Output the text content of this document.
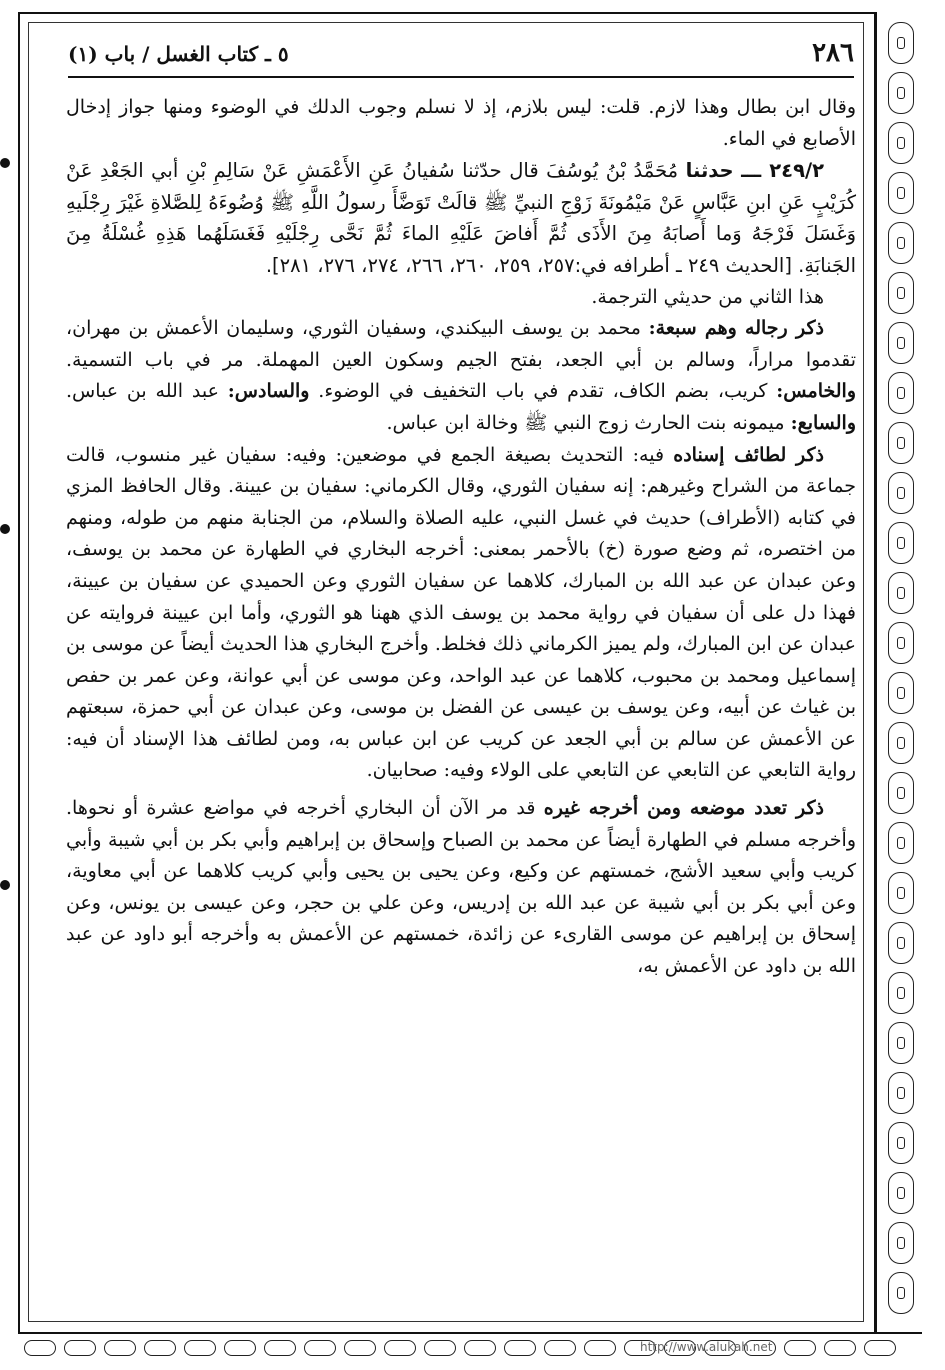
٢٨٦
٥ ـ كتاب الغسل / باب (١)

وقال ابن بطال وهذا لازم. قلت: ليس بلازم، إذ لا نسلم وجوب الدلك في الوضوء ومنها جواز إدخال الأصابع في الماء.

٢٤٩/٢ ـــ حدثنا مُحَمَّدُ بْنُ يُوسُفَ قال حدّثنا سُفيانُ عَنِ الأَعْمَشِ عَنْ سَالِمِ بْنِ أبي الجَعْدِ عَنْ كُرَيْبٍ عَنِ ابنِ عَبَّاسٍ عَنْ مَيْمُونَةَ زَوْجِ النبيِّ ﷺ قالَتْ تَوَضَّأَ رسولُ اللَّهِ ﷺ وُضُوءَهُ لِلصَّلاةِ غَيْرَ رِجْلَيهِ وَغَسَلَ فَرْجَهُ وَما أَصابَهُ مِنَ الأَذَى ثُمَّ أَفاضَ عَلَيْهِ الماءَ ثُمَّ نَحَّى رِجْلَيْهِ فَغَسَلَهُما هَذِهِ غُسْلَةُ مِنَ الجَنابَةِ. [الحديث ٢٤٩ ـ أطرافه في:٢٥٧، ٢٥٩، ٢٦٠، ٢٦٦، ٢٧٤، ٢٧٦، ٢٨١].

هذا الثاني من حديثي الترجمة.

ذكر رجاله وهم سبعة: محمد بن يوسف البيكندي، وسفيان الثوري، وسليمان الأعمش بن مهران، تقدموا مراراً، وسالم بن أبي الجعد، بفتح الجيم وسكون العين المهملة. مر في باب التسمية. والخامس: كريب، بضم الكاف، تقدم في باب التخفيف في الوضوء. والسادس: عبد الله بن عباس. والسابع: ميمونه بنت الحارث زوج النبي ﷺ وخالة ابن عباس.

ذكر لطائف إسناده فيه: التحديث بصيغة الجمع في موضعين: وفيه: سفيان غير منسوب، قالت جماعة من الشراح وغيرهم: إنه سفيان الثوري، وقال الكرماني: سفيان بن عيينة. وقال الحافظ المزي في كتابه (الأطراف) حديث في غسل النبي، عليه الصلاة والسلام، من الجنابة منهم من طوله، ومنهم من اختصره، ثم وضع صورة (خ) بالأحمر بمعنى: أخرجه البخاري في الطهارة عن محمد بن يوسف، وعن عبدان عن عبد الله بن المبارك، كلاهما عن سفيان الثوري وعن الحميدي عن سفيان بن عيينة، فهذا دل على أن سفيان في رواية محمد بن يوسف الذي ههنا هو الثوري، وأما ابن عيينة فروايته عن عبدان عن ابن المبارك، ولم يميز الكرماني ذلك فخلط. وأخرج البخاري هذا الحديث أيضاً عن موسى بن إسماعيل ومحمد بن محبوب، كلاهما عن عبد الواحد، وعن موسى عن أبي عوانة، وعن عمر بن حفص بن غياث عن أبيه، وعن يوسف بن عيسى عن الفضل بن موسى، وعن عبدان عن أبي حمزة، سبعتهم عن الأعمش عن سالم بن أبي الجعد عن كريب عن ابن عباس به، ومن لطائف هذا الإسناد أن فيه: رواية التابعي عن التابعي عن التابعي على الولاء وفيه: صحابيان.

ذكر تعدد موضعه ومن أخرجه غيره قد مر الآن أن البخاري أخرجه في مواضع عشرة أو نحوها. وأخرجه مسلم في الطهارة أيضاً عن محمد بن الصباح وإسحاق بن إبراهيم وأبي بكر بن أبي شيبة وأبي كريب وأبي سعيد الأشج، خمستهم عن وكيع، وعن يحيى بن يحيى وأبي كريب كلاهما عن أبي معاوية، وعن أبي بكر بن أبي شيبة عن عبد الله بن إدريس، وعن علي بن حجر، وعن عيسى بن يونس، وعن إسحاق بن إبراهيم عن موسى القارىء عن زائدة، خمستهم عن الأعمش به وأخرجه أبو داود عن عبد الله بن داود عن الأعمش به،

http://www.alukah.net
